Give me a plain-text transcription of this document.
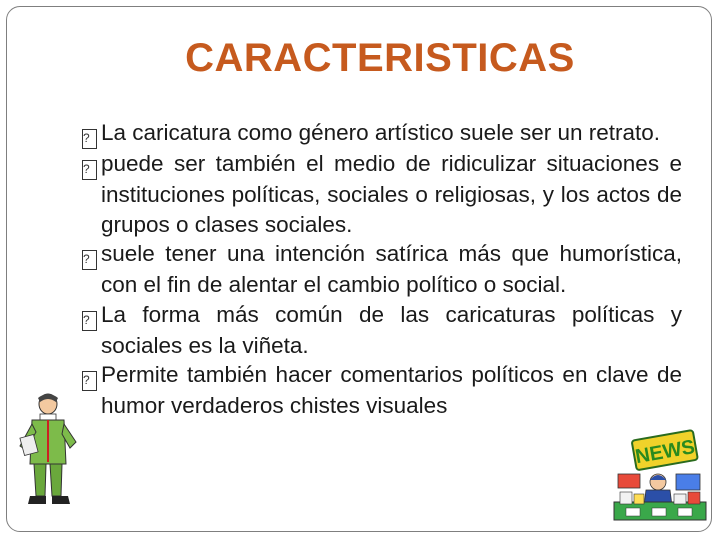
CARACTERISTICAS
? La caricatura como género artístico suele ser un retrato.
? puede ser también el medio de ridiculizar situaciones e instituciones políticas, sociales o religiosas, y los actos de grupos o clases sociales.
? suele tener una intención satírica más que humorística, con el fin de alentar el cambio político o social.
? La forma más común de las caricaturas políticas y sociales es la viñeta.
? Permite también hacer comentarios políticos en clave de humor verdaderos chistes visuales
NEWS
